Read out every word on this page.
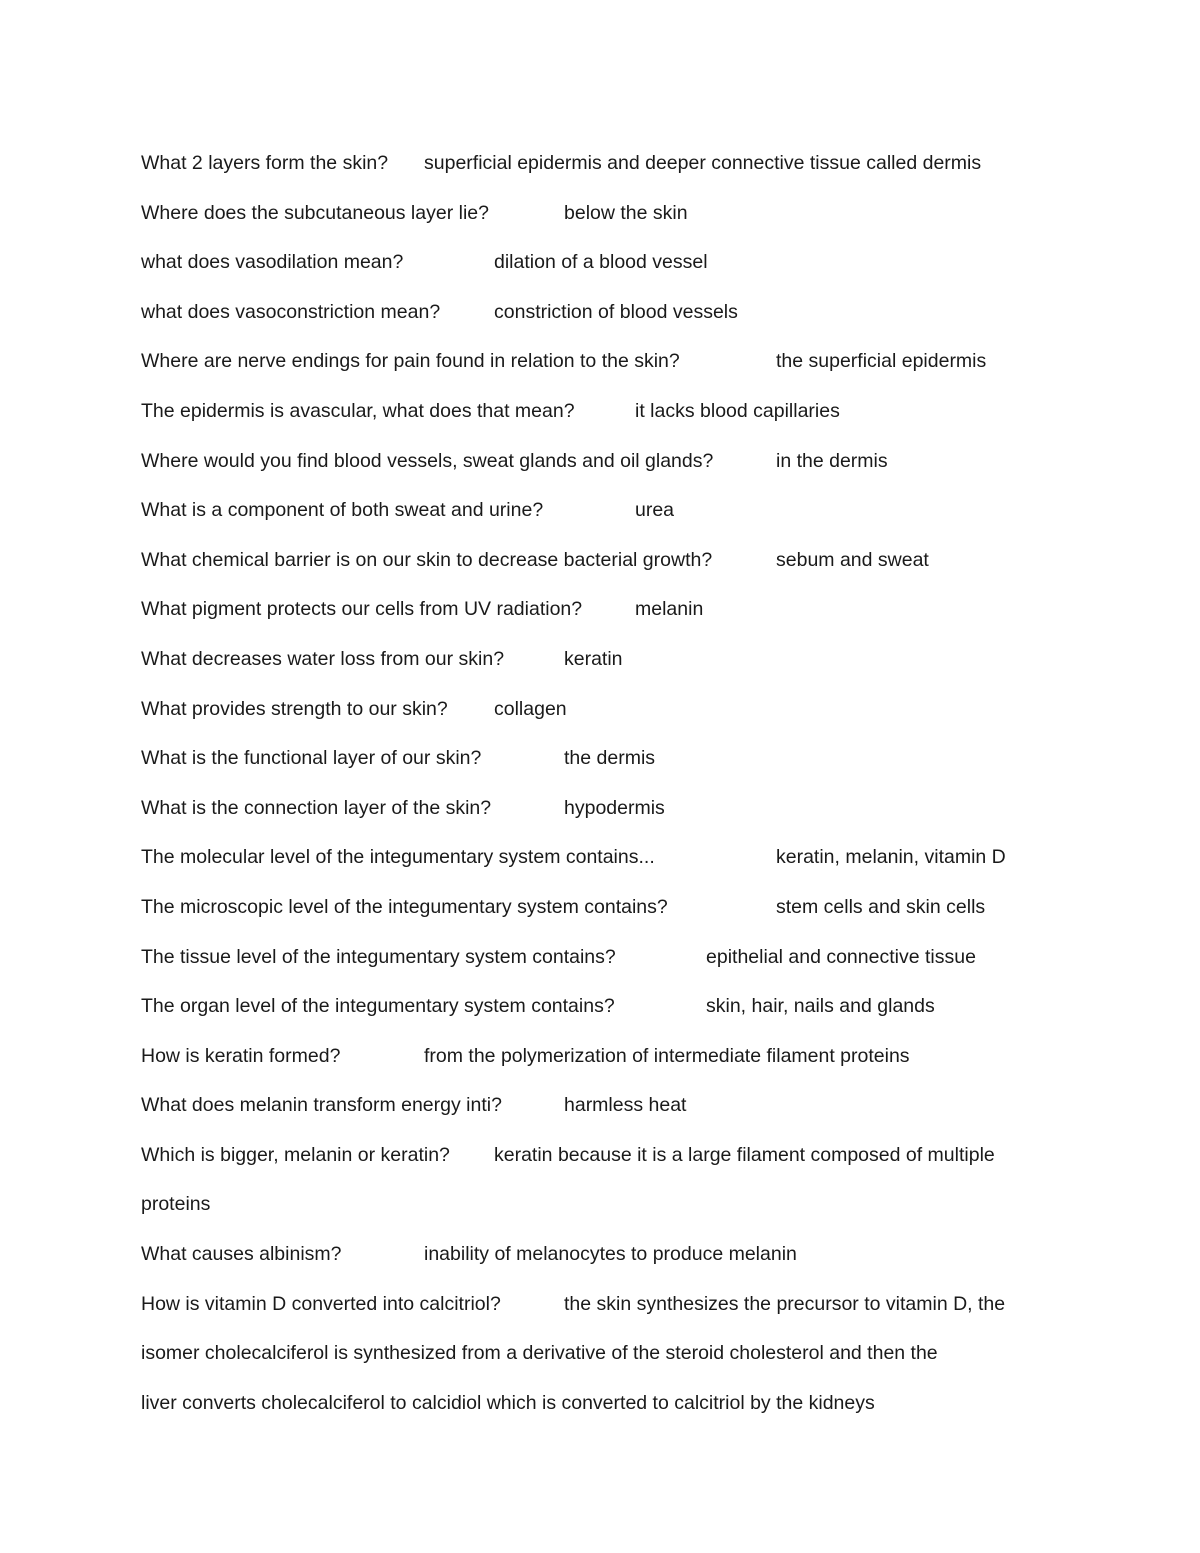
What 2 layers form the skin? superficial epidermis and deeper connective tissue called dermis
Where does the subcutaneous layer lie?	below the skin
what does vasodilation mean?	dilation of a blood vessel
what does vasoconstriction mean?	constriction of blood vessels
Where are nerve endings for pain found in relation to the skin?	the superficial epidermis
The epidermis is avascular, what does that mean?	it lacks blood capillaries
Where would you find blood vessels, sweat glands and oil glands?	in the dermis
What is a component of both sweat and urine?	urea
What chemical barrier is on our skin to decrease bacterial growth?	sebum and sweat
What pigment protects our cells from UV radiation?	melanin
What decreases water loss from our skin?	keratin
What provides strength to our skin? collagen
What is the functional layer of our skin?	the dermis
What is the connection layer of the skin?	hypodermis
The molecular level of the integumentary system contains...	keratin, melanin, vitamin D
The microscopic level of the integumentary system contains?	stem cells and skin cells
The tissue level of the integumentary system contains?	epithelial and connective tissue
The organ level of the integumentary system contains?	skin, hair, nails and glands
How is keratin formed?	from the polymerization of intermediate filament proteins
What does melanin transform energy inti?	harmless heat
Which is bigger, melanin or keratin? keratin because it is a large filament composed of multiple
proteins
What causes albinism?	inability of melanocytes to produce melanin
How is vitamin D converted into calcitriol?	the skin synthesizes the precursor to vitamin D, the
isomer cholecalciferol is synthesized from a derivative of the steroid cholesterol and then the
liver converts cholecalciferol to calcidiol which is converted to calcitriol by the kidneys
